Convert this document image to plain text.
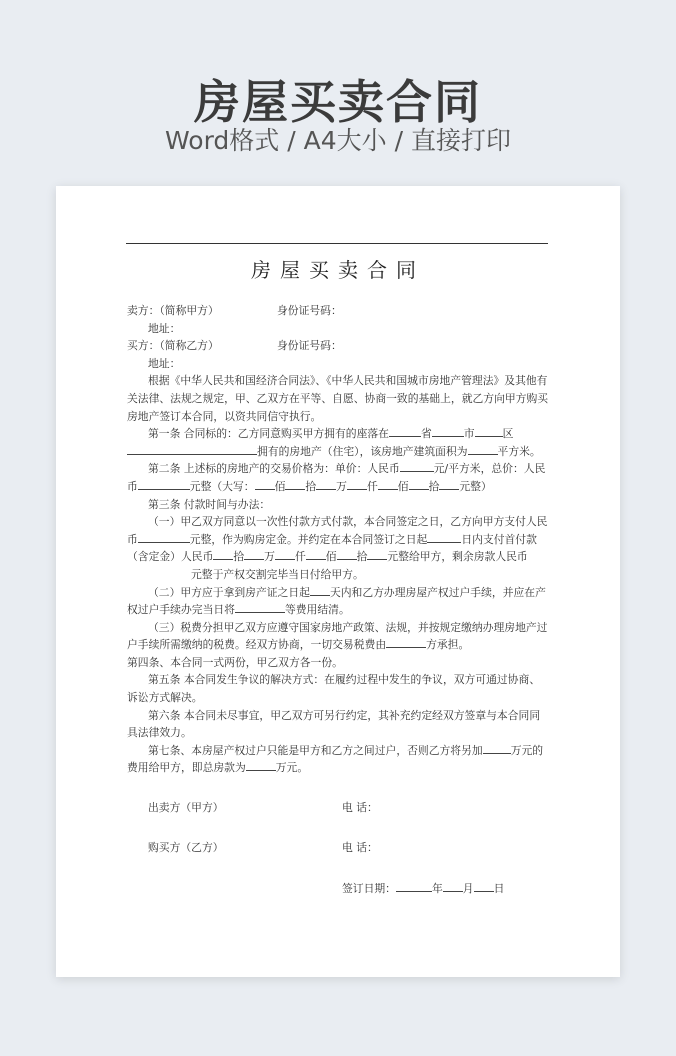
房屋买卖合同
Word格式 / A4大小 / 直接打印
房屋买卖合同
卖方：（简称甲方）	身份证号码：

地址：

买方：（简称乙方）	身份证号码：

地址：

根据《中华人民共和国经济合同法》、《中华人民共和国城市房地产管理法》及其他有关法律、法规之规定，甲、乙双方在平等、自愿、协商一致的基础上，就乙方向甲方购买房地产签订本合同，以资共同信守执行。

第一条 合同标的：乙方同意购买甲方拥有的座落在	省	市	区拥有的房地产（住宅），该房地产建筑面积为	平方米。

第二条 上述标的房地产的交易价格为：单价：人民币	元/平方米，总价：人民币	元整（大写： 佰 拾 万 仟 佰 拾 元整）

第三条 付款时间与办法：

（一）甲乙双方同意以一次性付款方式付款，本合同签定之日，乙方向甲方支付人民币	元整，作为购房定金。并约定在本合同签订之日起	日内支付首付款（含定金）人民币 拾 万 仟 佰 拾 元整给甲方，剩余房款人民币元整于产权交割完毕当日付给甲方。

（二）甲方应于拿到房产证之日起 天内和乙方办理房屋产权过户手续，并应在产权过户手续办完当日将	等费用结清。

（三）税费分担甲乙双方应遵守国家房地产政策、法规，并按规定缴纳办理房地产过户手续所需缴纳的税费。经双方协商，一切交易税费由	方承担。

第四条、本合同一式两份，甲乙双方各一份。

第五条 本合同发生争议的解决方式：在履约过程中发生的争议，双方可通过协商、诉讼方式解决。

第六条 本合同未尽事宜，甲乙双方可另行约定，其补充约定经双方签章与本合同同具法律效力。

第七条、本房屋产权过户只能是甲方和乙方之间过户，否则乙方将另加	万元的费用给甲方，即总房款为	万元。

出卖方（甲方）	电 话：
购买方（乙方）	电 话：
签订日期：	年 月 日
